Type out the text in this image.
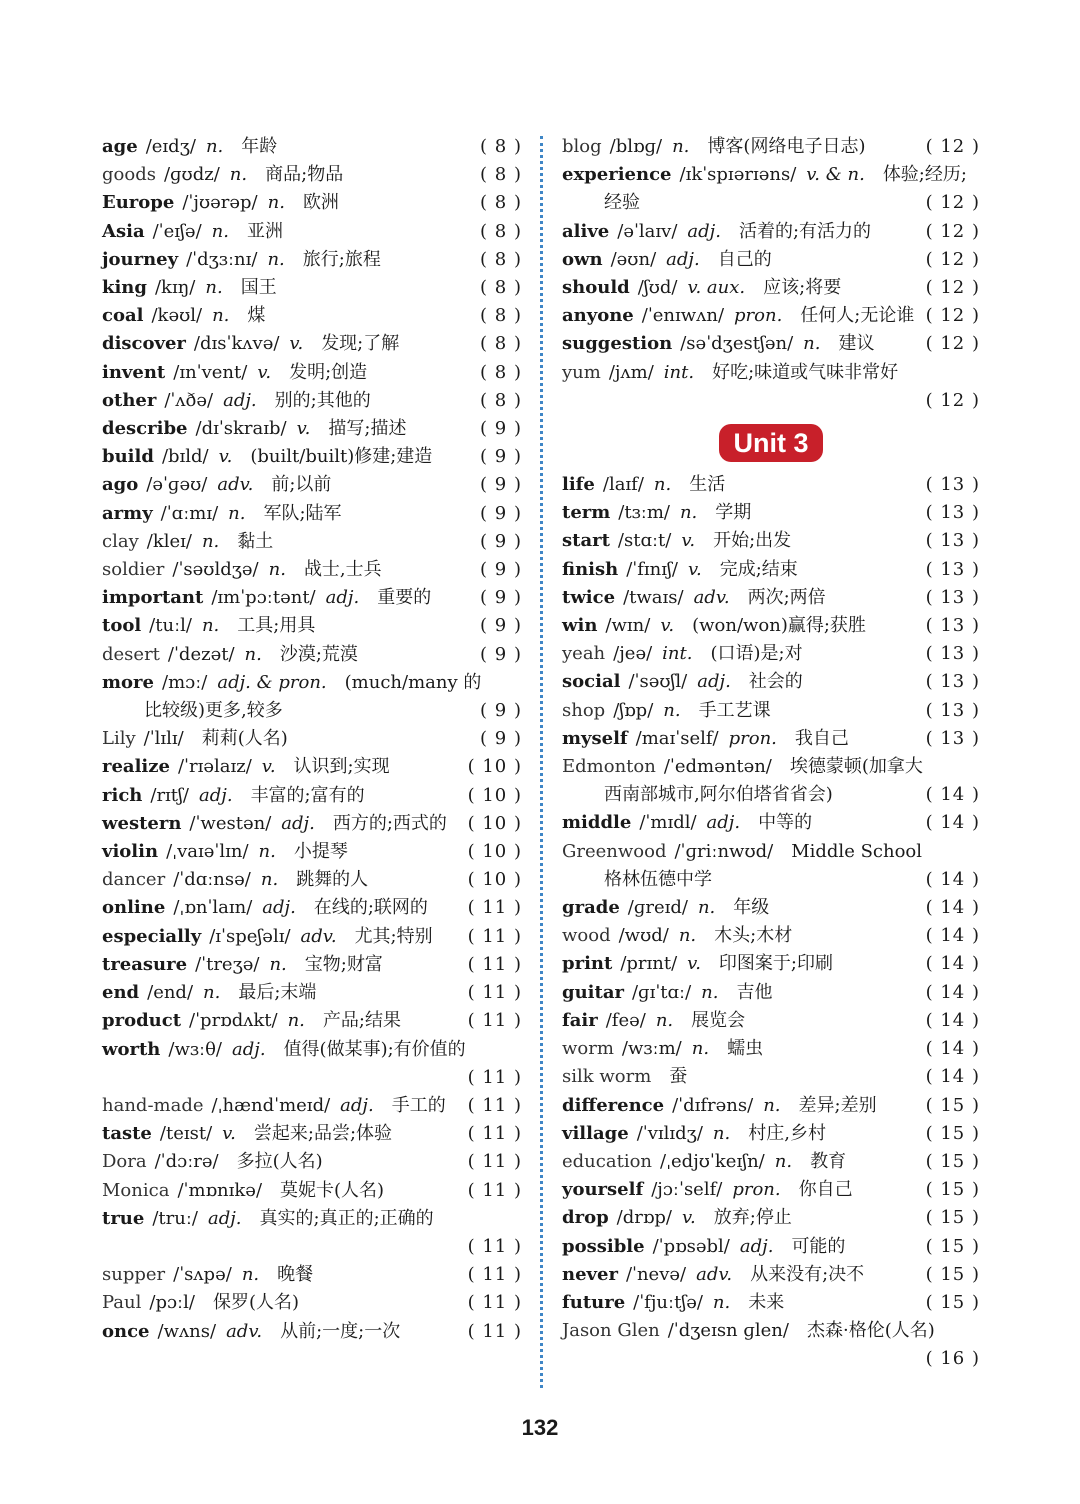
age /eɪdʒ/ n. 年龄	( 8 )
goods /ɡʊdz/ n. 商品;物品	( 8 )
Europe /ˈjʊərəp/ n. 欧洲	( 8 )
Asia /ˈeɪʃə/ n. 亚洲	( 8 )
journey /ˈdʒɜːnɪ/ n. 旅行;旅程	( 8 )
king /kɪŋ/ n. 国王	( 8 )
coal /kəʊl/ n. 煤	( 8 )
discover /dɪsˈkʌvə/ v. 发现;了解	( 8 )
invent /ɪnˈvent/ v. 发明;创造	( 8 )
other /ˈʌðə/ adj. 别的;其他的	( 8 )
describe /dɪˈskraɪb/ v. 描写;描述	( 9 )
build /bɪld/ v. (built/built)修建;建造	( 9 )
ago /əˈɡəʊ/ adv. 前;以前	( 9 )
army /ˈɑːmɪ/ n. 军队;陆军	( 9 )
clay /kleɪ/ n. 黏土	( 9 )
soldier /ˈsəʊldʒə/ n. 战士,士兵	( 9 )
important /ɪmˈpɔːtənt/ adj. 重要的	( 9 )
tool /tuːl/ n. 工具;用具	( 9 )
desert /ˈdezət/ n. 沙漠;荒漠	( 9 )
more /mɔː/ adj. & pron. (much/many 的
比较级)更多,较多	( 9 )
Lily /ˈlɪlɪ/ 莉莉(人名)	( 9 )
realize /ˈrɪəlaɪz/ v. 认识到;实现	( 10 )
rich /rɪtʃ/ adj. 丰富的;富有的	( 10 )
western /ˈwestən/ adj. 西方的;西式的 ( 10 )
violin /ˌvaɪəˈlɪn/ n. 小提琴	( 10 )
dancer /ˈdɑːnsə/ n. 跳舞的人	( 10 )
online /ˌɒnˈlaɪn/ adj. 在线的;联网的 ( 11 )
especially /ɪˈspeʃəlɪ/ adv. 尤其;特别 ( 11 )
treasure /ˈtreʒə/ n. 宝物;财富	( 11 )
end /end/ n. 最后;末端	( 11 )
product /ˈprɒdʌkt/ n. 产品;结果	( 11 )
worth /wɜːθ/ adj. 值得(做某事);有价值的
( 11 )
hand-made /ˌhændˈmeɪd/ adj. 手工的 ( 11 )
taste /teɪst/ v. 尝起来;品尝;体验	( 11 )
Dora /ˈdɔːrə/ 多拉(人名)	( 11 )
Monica /ˈmɒnɪkə/ 莫妮卡(人名)	( 11 )
true /truː/ adj. 真实的;真正的;正确的
( 11 )
supper /ˈsʌpə/ n. 晚餐	( 11 )
Paul /pɔːl/ 保罗(人名)	( 11 )
once /wʌns/ adv. 从前;一度;一次	( 11 )
blog /blɒɡ/ n. 博客(网络电子日志)	( 12 )
experience /ɪkˈspɪərɪəns/ v. & n. 体验;经历;
经验	( 12 )
alive /əˈlaɪv/ adj. 活着的;有活力的	( 12 )
own /əʊn/ adj. 自己的	( 12 )
should /ʃʊd/ v. aux. 应该;将要	( 12 )
anyone /ˈenɪwʌn/ pron. 任何人;无论谁 ( 12 )
suggestion /səˈdʒestʃən/ n. 建议	( 12 )
yum /jʌm/ int. 好吃;味道或气味非常好
( 12 )
Unit 3
life /laɪf/ n. 生活	( 13 )
term /tɜːm/ n. 学期	( 13 )
start /stɑːt/ v. 开始;出发	( 13 )
finish /ˈfɪnɪʃ/ v. 完成;结束	( 13 )
twice /twaɪs/ adv. 两次;两倍	( 13 )
win /wɪn/ v. (won/won)赢得;获胜	( 13 )
yeah /jeə/ int. (口语)是;对	( 13 )
social /ˈsəʊʃl/ adj. 社会的	( 13 )
shop /ʃɒp/ n. 手工艺课	( 13 )
myself /maɪˈself/ pron. 我自己	( 13 )
Edmonton /ˈedməntən/ 埃德蒙顿(加拿大
西南部城市,阿尔伯塔省省会)	( 14 )
middle /ˈmɪdl/ adj. 中等的	( 14 )
Greenwood /ˈɡriːnwʊd/ Middle School
格林伍德中学	( 14 )
grade /ɡreɪd/ n. 年级	( 14 )
wood /wʊd/ n. 木头;木材	( 14 )
print /prɪnt/ v. 印图案于;印刷	( 14 )
guitar /ɡɪˈtɑː/ n. 吉他	( 14 )
fair /feə/ n. 展览会	( 14 )
worm /wɜːm/ n. 蠕虫	( 14 )
silk worm 蚕	( 14 )
difference /ˈdɪfrəns/ n. 差异;差别	( 15 )
village /ˈvɪlɪdʒ/ n. 村庄,乡村	( 15 )
education /ˌedjʊˈkeɪʃn/ n. 教育	( 15 )
yourself /jɔːˈself/ pron. 你自己	( 15 )
drop /drɒp/ v. 放弃;停止	( 15 )
possible /ˈpɒsəbl/ adj. 可能的	( 15 )
never /ˈnevə/ adv. 从来没有;决不	( 15 )
future /ˈfjuːtʃə/ n. 未来	( 15 )
Jason Glen /ˈdʒeɪsn ɡlen/ 杰森·格伦(人名)
( 16 )
132
